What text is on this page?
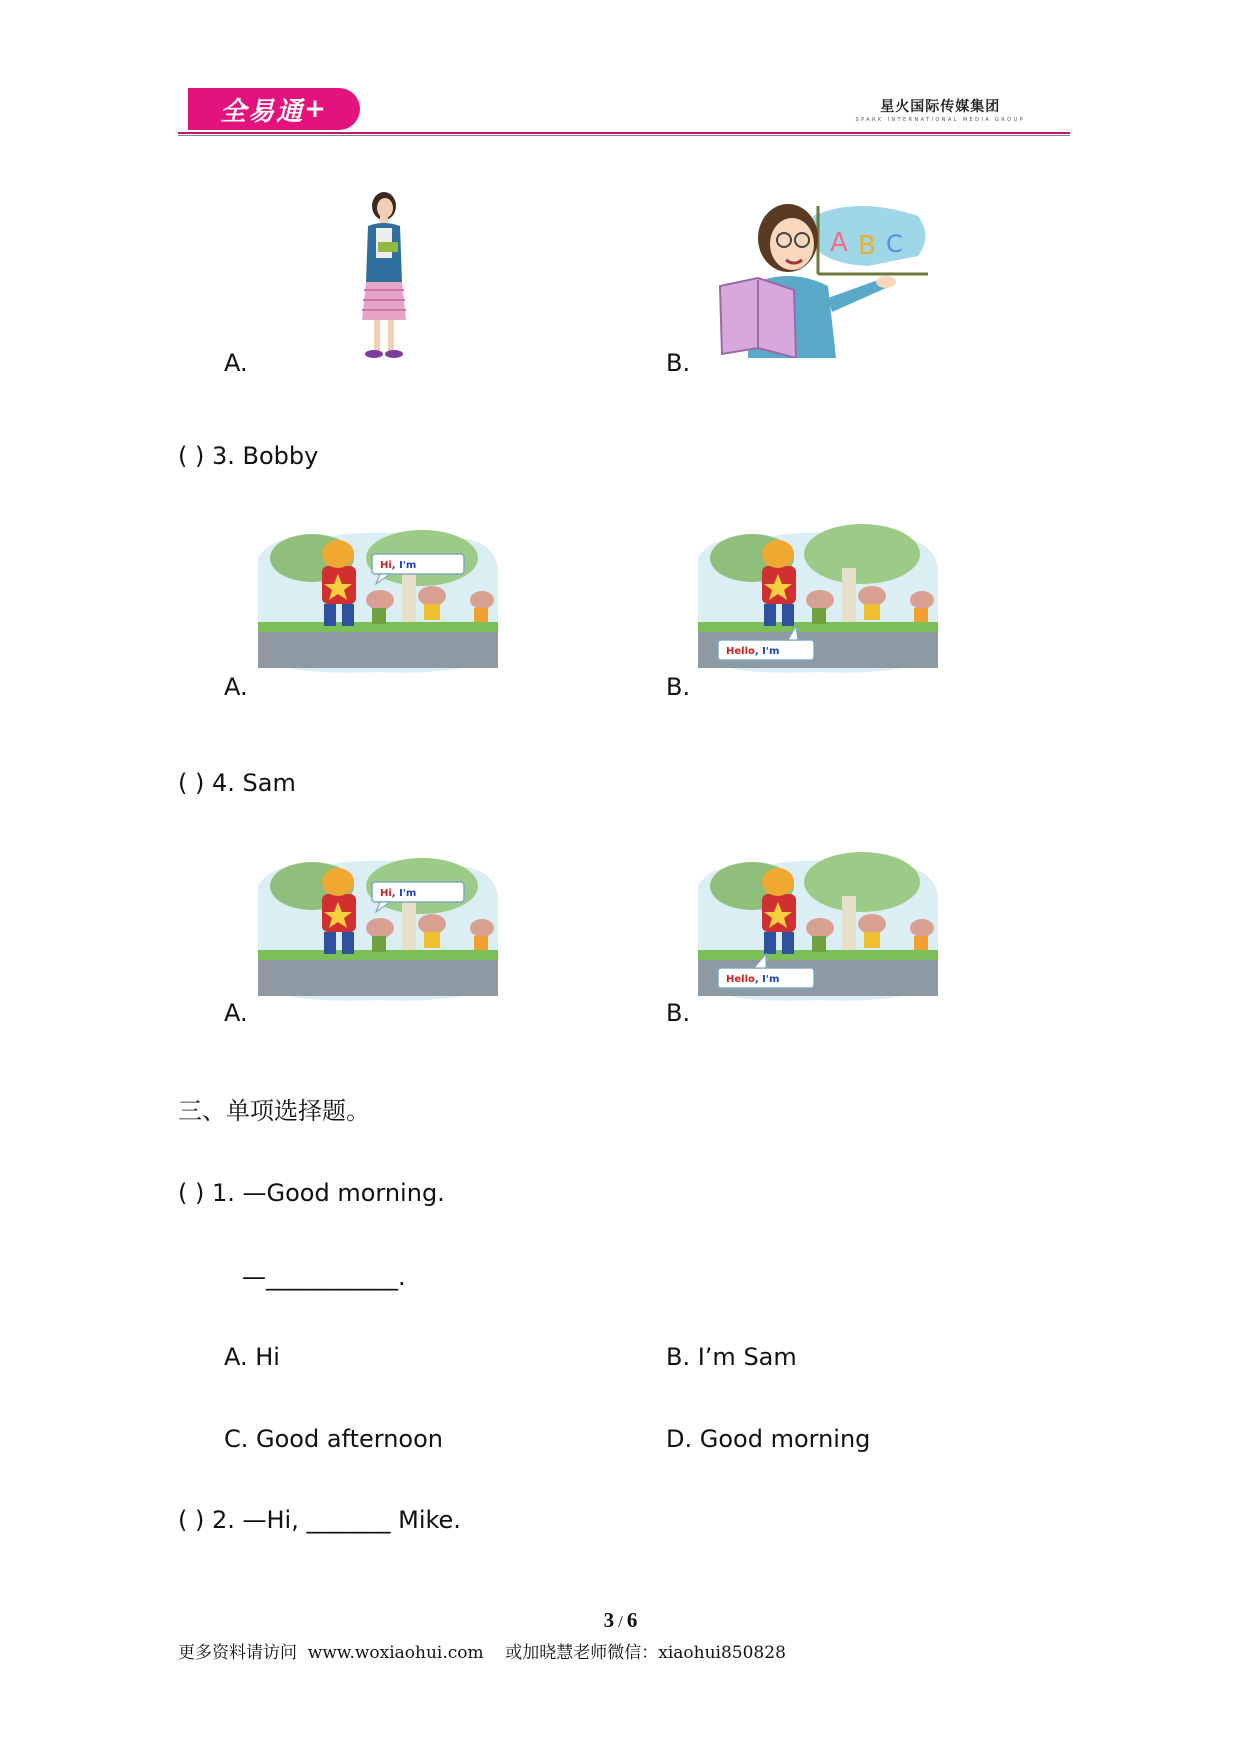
全易通 +	星火国际传媒集团
SPARK INTERNATIONAL MEDIA GROUP
A.
A B C
B.
( ) 3. Bobby
Hi, I'm
A.
Hello, I'm
B.
( ) 4. Sam
Hi, I'm
A.
Hello, I'm
B.
三、单项选择题。
( ) 1. —Good morning.
—___________.
A. Hi	B. I’m Sam
C. Good afternoon	D. Good morning
( ) 2. —Hi, _______ Mike.
3 / 6
更多资料请访问  www.woxiaohui.com    或加晓慧老师微信：xiaohui850828
